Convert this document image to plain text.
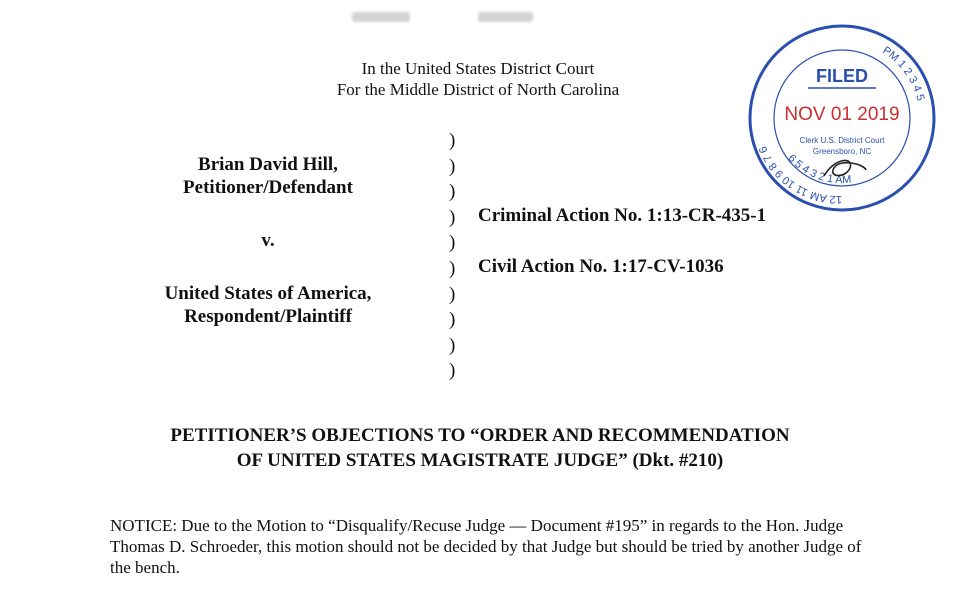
In the United States District Court
For the Middle District of North Carolina
Brian David Hill,
Petitioner/Defendant
v.
United States of America,
Respondent/Plaintiff
)
)
)
)
)
)
)
)
)
)
Criminal Action No. 1:13-CR-435-1
Civil Action No. 1:17-CV-1036
PETITIONER’S OBJECTIONS TO “ORDER AND RECOMMENDATION
OF UNITED STATES MAGISTRATE JUDGE” (Dkt. #210)
NOTICE: Due to the Motion to “Disqualify/Recuse Judge — Document #195” in regards to the Hon. Judge Thomas D. Schroeder, this motion should not be decided by that Judge but should be tried by another Judge of the bench.
PM 1 2 3 4 5
12 AM 11 10 9 8 7 6
6 5 4 3 2 1 AM
FILED
NOV 01 2019
Clerk U.S. District Court
Greensboro, NC
